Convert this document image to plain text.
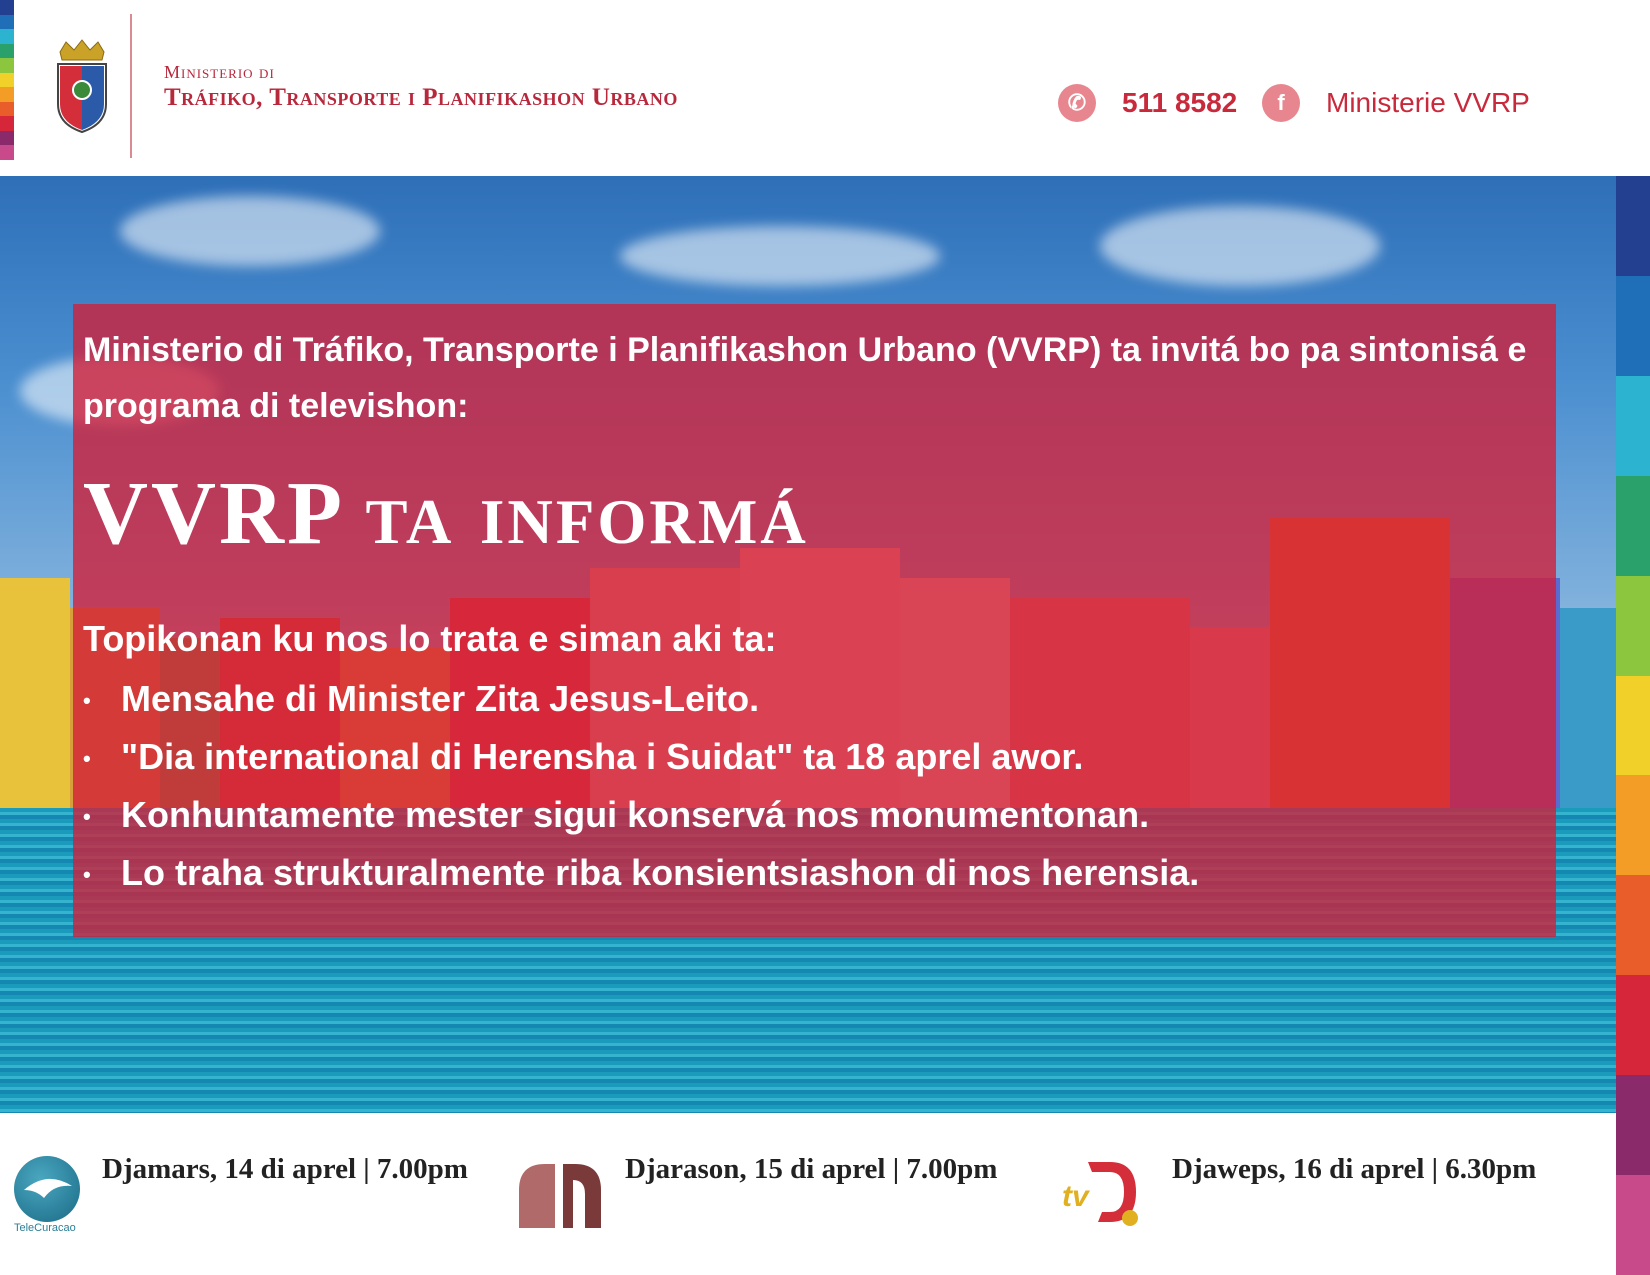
Ministerio di
Tráfiko, Transporte i Planifikashon Urbano	✆	511 8582	f	Ministerie VVRP
Ministerio di Tráfiko, Transporte i Planifikashon Urbano (VVRP) ta invitá bo pa sintonisá e programa di televishon:
VVRP ta informá
Topikonan ku nos lo trata e siman aki ta:
• Mensahe di Minister Zita Jesus-Leito.
• "Dia international di Herensha i Suidat" ta 18 aprel awor.
• Konhuntamente mester sigui konservá nos monumentonan.
• Lo traha strukturalmente riba konsientsiashon di nos herensia.
TeleCuracao
Djamars, 14 di aprel | 7.00pm	Djarason, 15 di aprel | 7.00pm
tv
Djaweps, 16 di aprel | 6.30pm
